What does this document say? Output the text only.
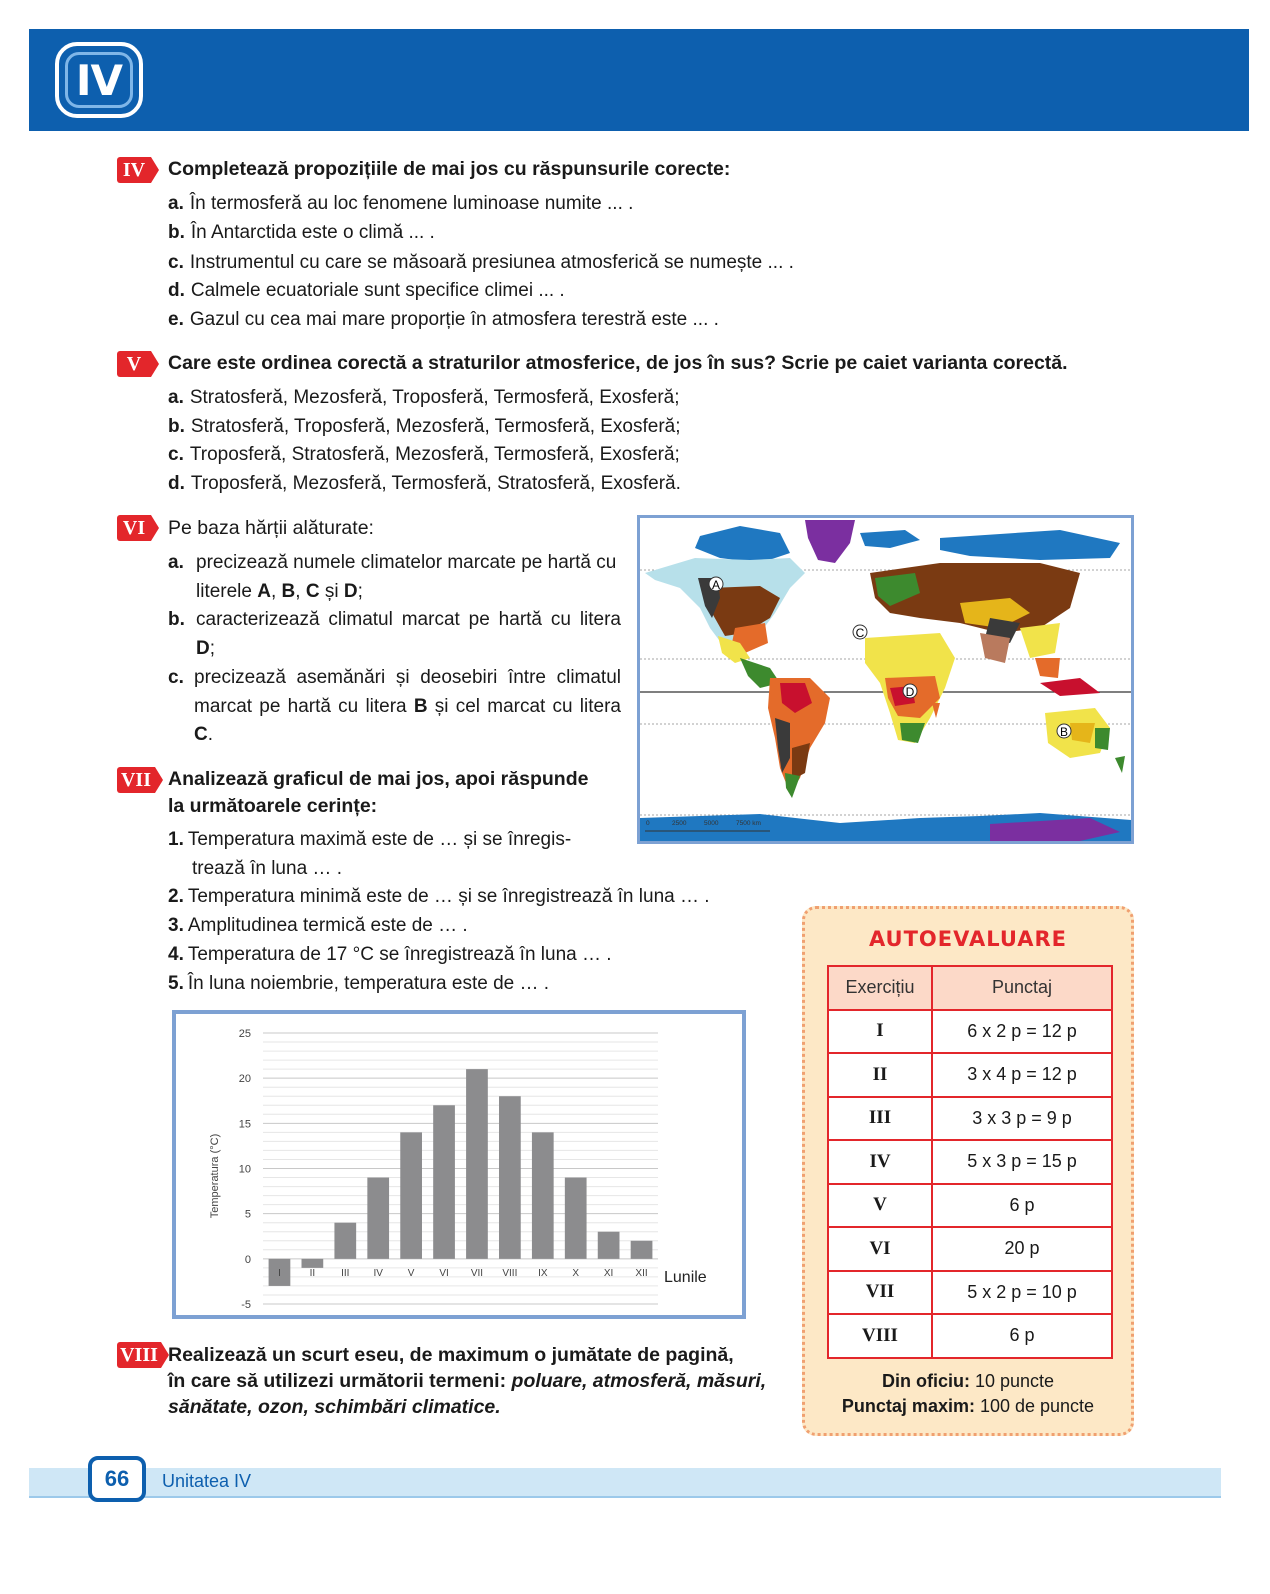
IV
IV	Completează propozițiile de mai jos cu răspunsurile corecte:
a. În termosferă au loc fenomene luminoase numite ... .
b. În Antarctida este o climă ... .
c. Instrumentul cu care se măsoară presiunea atmosferică se numește ... .
d. Calmele ecuatoriale sunt specifice climei ... .
e. Gazul cu cea mai mare proporție în atmosfera terestră este ... .
V	Care este ordinea corectă a straturilor atmosferice, de jos în sus? Scrie pe caiet varianta corectă.
a. Stratosferă, Mezosferă, Troposferă, Termosferă, Exosferă;
b. Stratosferă, Troposferă, Mezosferă, Termosferă, Exosferă;
c. Troposferă, Stratosferă, Mezosferă, Termosferă, Exosferă;
d. Troposferă, Mezosferă, Termosferă, Stratosferă, Exosferă.
VI	Pe baza hărții alăturate:
a. precizează numele climatelor marcate pe hartă cu literele A, B, C și D;
b. caracterizează climatul marcat pe hartă cu litera D;
c. precizează asemănări și deosebiri între climatul marcat pe hartă cu litera B și cel marcat cu litera C.
A
B
C
D
0	2500	5000	7500 km
VII Analizează graficul de mai jos, apoi răspunde
la următoarele cerințe:
1. Temperatura maximă este de … și se înregis-
trează în luna … .
2. Temperatura minimă este de … și se înregistrează în luna … .
3. Amplitudinea termică este de … .
4. Temperatura de 17 °C se înregistrează în luna … .
5. În luna noiembrie, temperatura este de … .
-5
0
5
10
15
20
25
I	II	III IV V VI VII VIII IX X XI XII
Temperatura (°C)
Lunile
VIII Realizează un scurt eseu, de maximum o jumătate de pagină,
în care să utilizezi următorii termeni: poluare, atmosferă, măsuri,
sănătate, ozon, schimbări climatice.
AUTOEVALUARE
Exercițiu	Punctaj
I	6 x 2 p = 12 p
II	3 x 4 p = 12 p
III	3 x 3 p = 9 p
IV	5 x 3 p = 15 p
V	6 p
VI	20 p
VII	5 x 2 p = 10 p
VIII	6 p
Din oficiu: 10 puncte
Punctaj maxim: 100 de puncte
66	Unitatea IV
